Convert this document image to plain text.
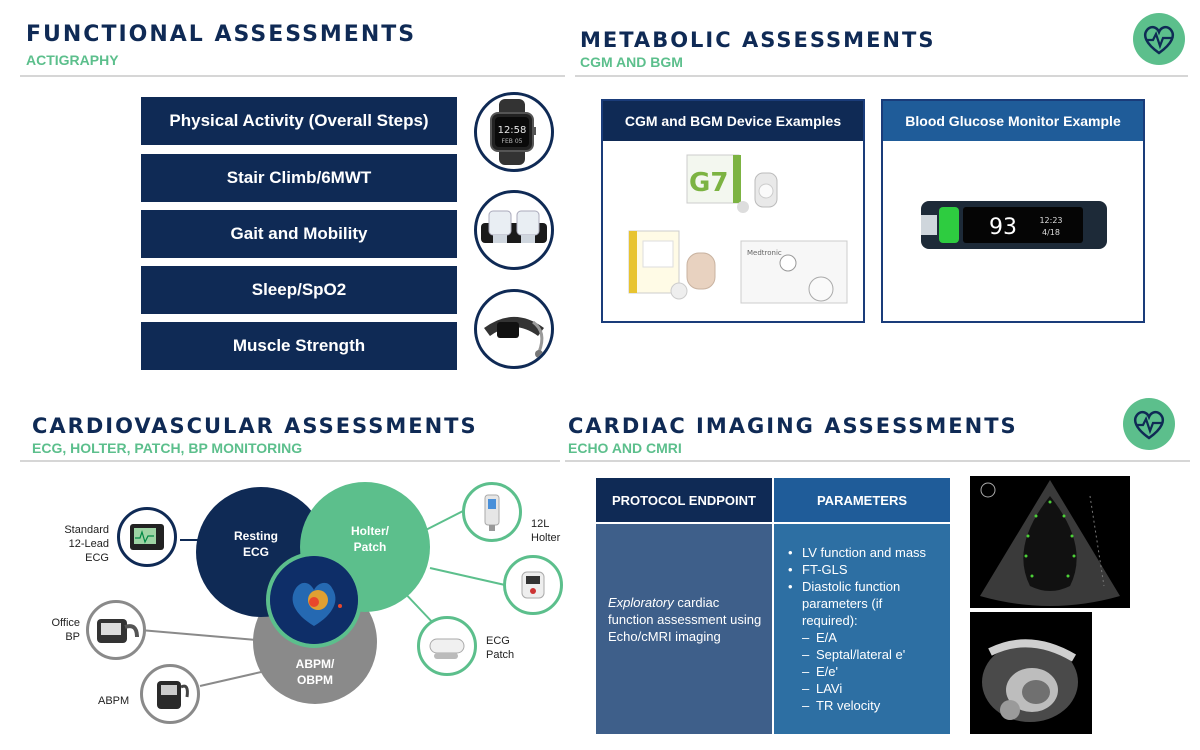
FUNCTIONAL ASSESSMENTS
ACTIGRAPHY
Physical Activity (Overall Steps)
Stair Climb/6MWT
Gait and Mobility
Sleep/SpO2
Muscle Strength
12:58
FEB 05
METABOLIC ASSESSMENTS
CGM AND BGM
CGM and BGM Device Examples
G7
Medtronic
Blood Glucose Monitor Example
93	12:23
4/18
CARDIOVASCULAR ASSESSMENTS
ECG, HOLTER, PATCH, BP MONITORING
ABPM/ OBPM
Resting ECG
Holter/ Patch
Standard 12-Lead ECG
Office BP
ABPM
12L Holter
ECG Patch
CARDIAC IMAGING ASSESSMENTS
ECHO AND CMRI
PROTOCOL ENDPOINT	PARAMETERS
Exploratory cardiac function assessment using Echo/cMRI imaging
• LV function and mass
• FT-GLS
• Diastolic function parameters (if required):
– E/A
– Septal/lateral e'
– E/e'
– LAVi
– TR velocity
